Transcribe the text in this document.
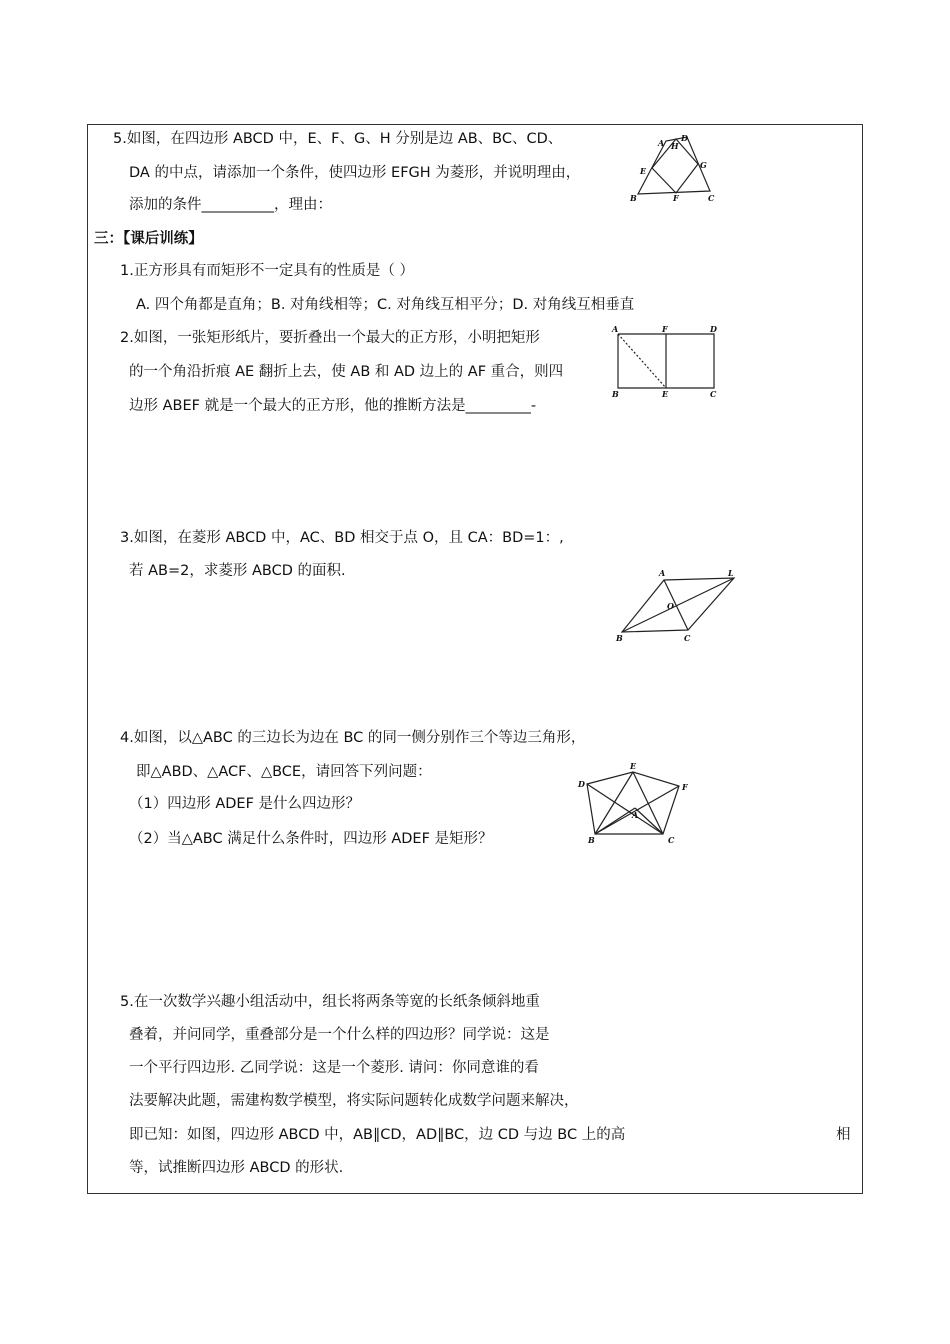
5.如图，在四边形 ABCD 中，E、F、G、H 分别是边 AB、BC、CD、
DA 的中点，请添加一个条件，使四边形 EFGH 为菱形，并说明理由，
添加的条件__________，理由：	B
A D
H
E
F
G
C
三：【课后训练】
1.正方形具有而矩形不一定具有的性质是（ ）
A. 四个角都是直角；B. 对角线相等；C. 对角线互相平分；D. 对角线互相垂直
2.如图，一张矩形纸片，要折叠出一个最大的正方形，小明把矩形
的一个角沿折痕 AE 翻折上去，使 AB 和 AD 边上的 AF 重合，则四
边形 ABEF 就是一个最大的正方形，他的推断方法是_________-
A	F	D
B	E	C
3.如图，在菱形 ABCD 中，AC、BD 相交于点 O，且 CA：BD=1：,
若 AB=2，求菱形 ABCD 的面积.	A	L
O
B	C
4.如图，以△ABC 的三边长为边在 BC 的同一侧分别作三个等边三角形，
即△ABD、△ACF、△BCE，请回答下列问题：
（1）四边形 ADEF 是什么四边形？
（2）当△ABC 满足什么条件时，四边形 ADEF 是矩形？
E
D	F
A
B	C
5.在一次数学兴趣小组活动中，组长将两条等宽的长纸条倾斜地重
叠着，并问同学，重叠部分是一个什么样的四边形？同学说：这是
一个平行四边形. 乙同学说：这是一个菱形. 请问：你同意谁的看
法要解决此题，需建构数学模型，将实际问题转化成数学问题来解决，
即已知：如图，四边形 ABCD 中，AB∥CD，AD∥BC，边 CD 与边 BC 上的高	相
等，试推断四边形 ABCD 的形状.
